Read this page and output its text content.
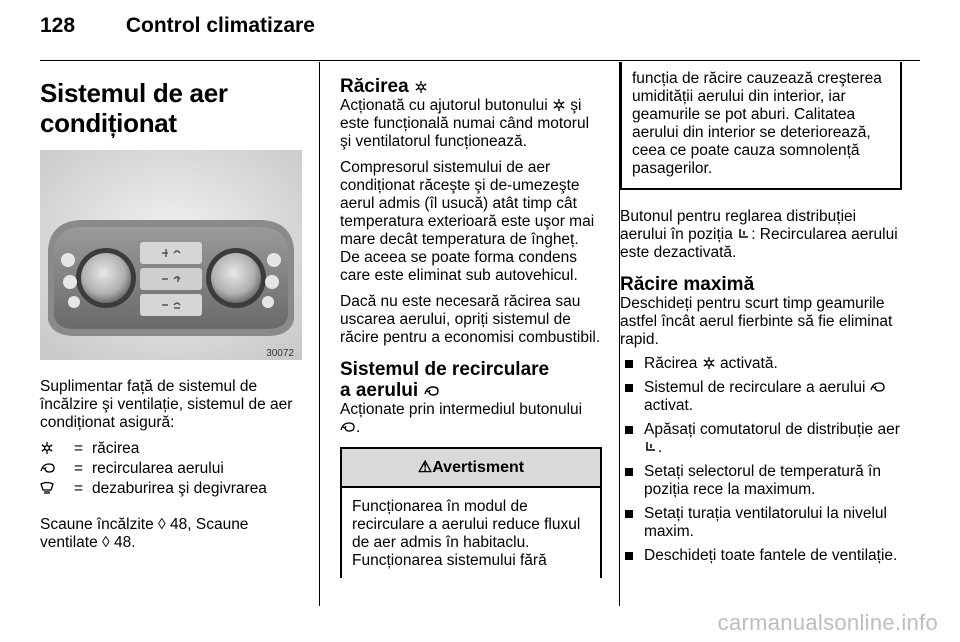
128 Control climatizare
Sistemul de aer condiționat
30072

Suplimentar față de sistemul de încălzire şi ventilație, sistemul de aer condiționat asigură:

	=	răcirea
	=	recircularea aerului
	=	dezaburirea şi degivrarea

Scaune încălzite ◊ 48, Scaune ventilate ◊ 48.

Răcirea

Acționată cu ajutorul butonului şi este funcțională numai când motorul şi ventilatorul funcționează.

Compresorul sistemului de aer condiționat răceşte şi de-umezeşte aerul admis (îl usucă) atât timp cât temperatura exterioară este uşor mai mare decât temperatura de îngheț. De aceea se poate forma condens care este eliminat sub autovehicul.

Dacă nu este necesară răcirea sau uscarea aerului, opriți sistemul de răcire pentru a economisi combustibil.

Sistemul de recirculare
a aerului

Acționate prin intermediul butonului .

⚠Avertisment
Funcționarea în modul de recirculare a aerului reduce fluxul de aer admis în habitaclu. Funcționarea sistemului fără
funcția de răcire cauzează creşterea umidității aerului din interior, iar geamurile se pot aburi. Calitatea aerului din interior se deteriorează, ceea ce poate cauza somnolență pasagerilor.

Butonul pentru reglarea distribuției aerului în poziția : Recircularea aerului este dezactivată.

Răcire maximă

Deschideți pentru scurt timp geamurile astfel încât aerul fierbinte să fie eliminat rapid.

Răcirea activată.
Sistemul de recirculare a aerului  activat.
Apăsați comutatorul de distribuție aer .
Setați selectorul de temperatură în poziția rece la maximum.
Setați turația ventilatorului la nivelul maxim.
Deschideți toate fantele de ventilație.
carmanualsonline.info
